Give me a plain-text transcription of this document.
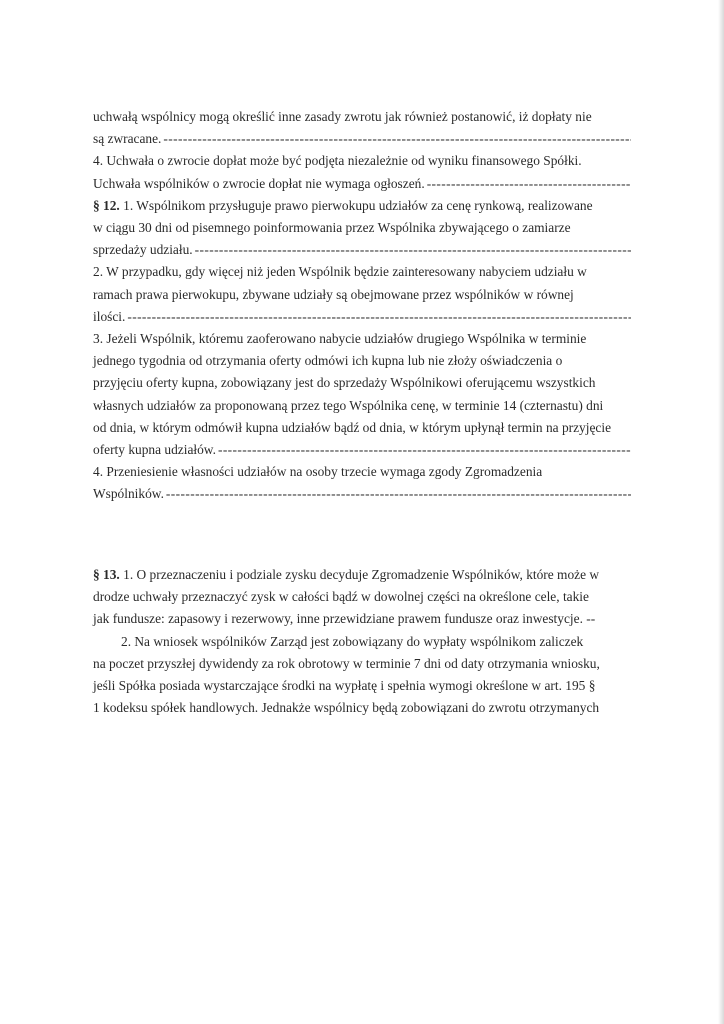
uchwałą wspólnicy mogą określić inne zasady zwrotu jak również postanowić, iż dopłaty nie
są zwracane.
-----

4. Uchwała o zwrocie dopłat może być podjęta niezależnie od wyniku finansowego Spółki.
Uchwała wspólników o zwrocie dopłat nie wymaga ogłoszeń.
-----

§ 12. 1. Wspólnikom przysługuje prawo pierwokupu udziałów za cenę rynkową, realizowane
w ciągu 30 dni od pisemnego poinformowania przez Wspólnika zbywającego o zamiarze
sprzedaży udziału.
-----

2. W przypadku, gdy więcej niż jeden Wspólnik będzie zainteresowany nabyciem udziału w
ramach prawa pierwokupu, zbywane udziały są obejmowane przez wspólników w równej
ilości.
-----

3. Jeżeli Wspólnik, któremu zaoferowano nabycie udziałów drugiego Wspólnika w terminie
jednego tygodnia od otrzymania oferty odmówi ich kupna lub nie złoży oświadczenia o
przyjęciu oferty kupna, zobowiązany jest do sprzedaży Wspólnikowi oferującemu wszystkich
własnych udziałów za proponowaną przez tego Wspólnika cenę, w terminie 14 (czternastu) dni
od dnia, w którym odmówił kupna udziałów bądź od dnia, w którym upłynął termin na przyjęcie
oferty kupna udziałów.
-----

4. Przeniesienie własności udziałów na osoby trzecie wymaga zgody Zgromadzenia
Wspólników.
-----

§ 13. 1. O przeznaczeniu i podziale zysku decyduje Zgromadzenie Wspólników, które może w
drodze uchwały przeznaczyć zysk w całości bądź w dowolnej części na określone cele, takie
jak fundusze: zapasowy i rezerwowy, inne przewidziane prawem fundusze oraz inwestycje. --

2. Na wniosek wspólników Zarząd jest zobowiązany do wypłaty wspólnikom zaliczek
na poczet przyszłej dywidendy za rok obrotowy w terminie 7 dni od daty otrzymania wniosku,
jeśli Spółka posiada wystarczające środki na wypłatę i spełnia wymogi określone w art. 195 §
1 kodeksu spółek handlowych. Jednakże wspólnicy będą zobowiązani do zwrotu otrzymanych
